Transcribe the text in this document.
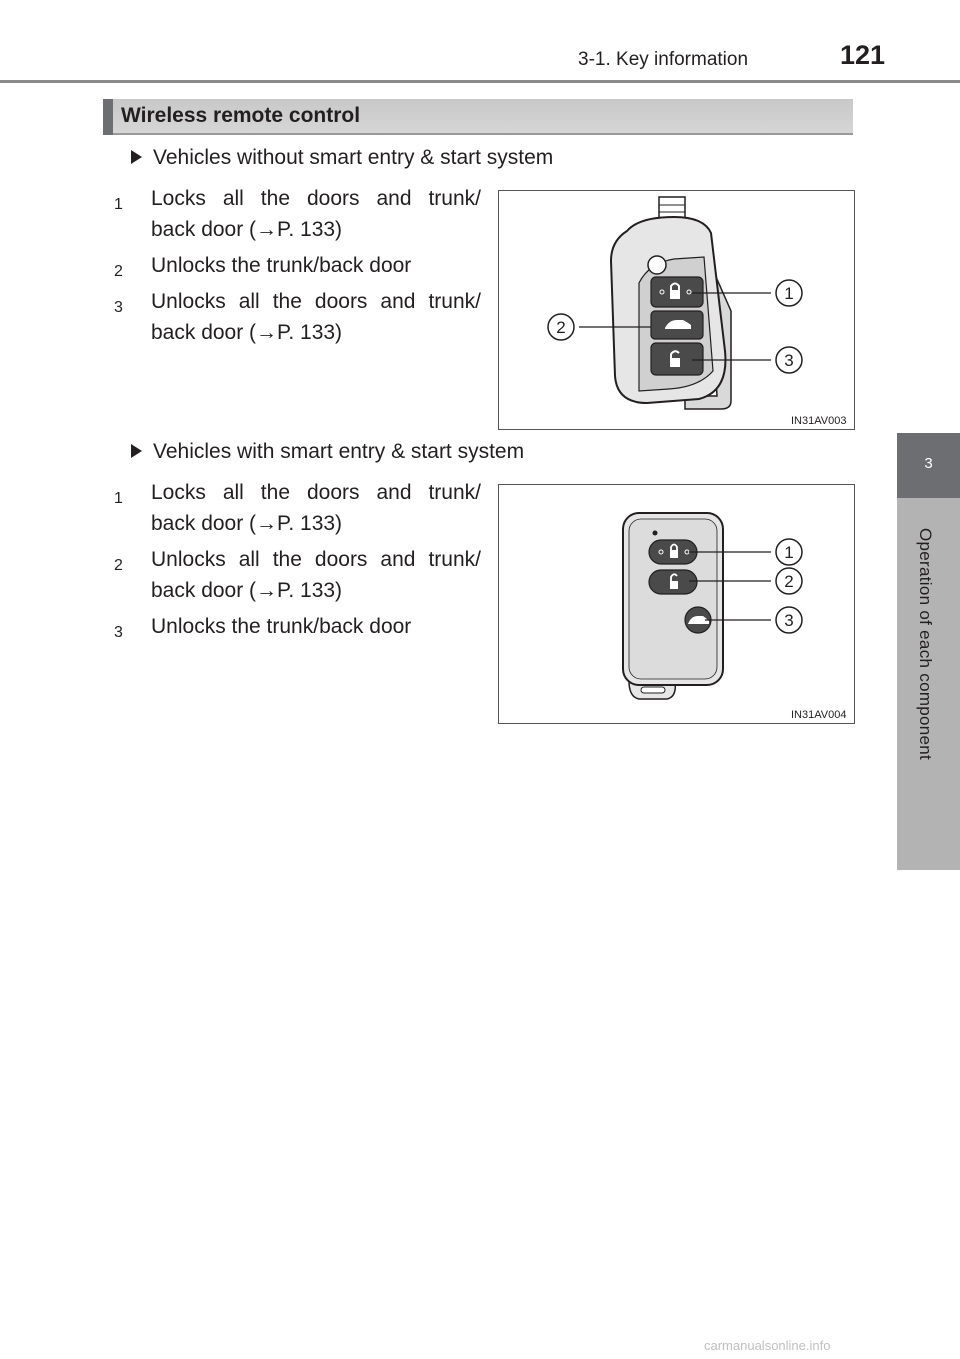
3-1. Key information	121
3
Operation of each component
Wireless remote control
Vehicles without smart entry & start system
1 Locks all the doors and trunk/
back door (→P. 133)
2 Unlocks the trunk/back door
3 Unlocks all the doors and trunk/
back door (→P. 133)
1
2
3
IN31AV003
Vehicles with smart entry & start system
1 Locks all the doors and trunk/
back door (→P. 133)
2 Unlocks all the doors and trunk/
back door (→P. 133)
3 Unlocks the trunk/back door
1
2
3
IN31AV004
carmanualsonline.info
